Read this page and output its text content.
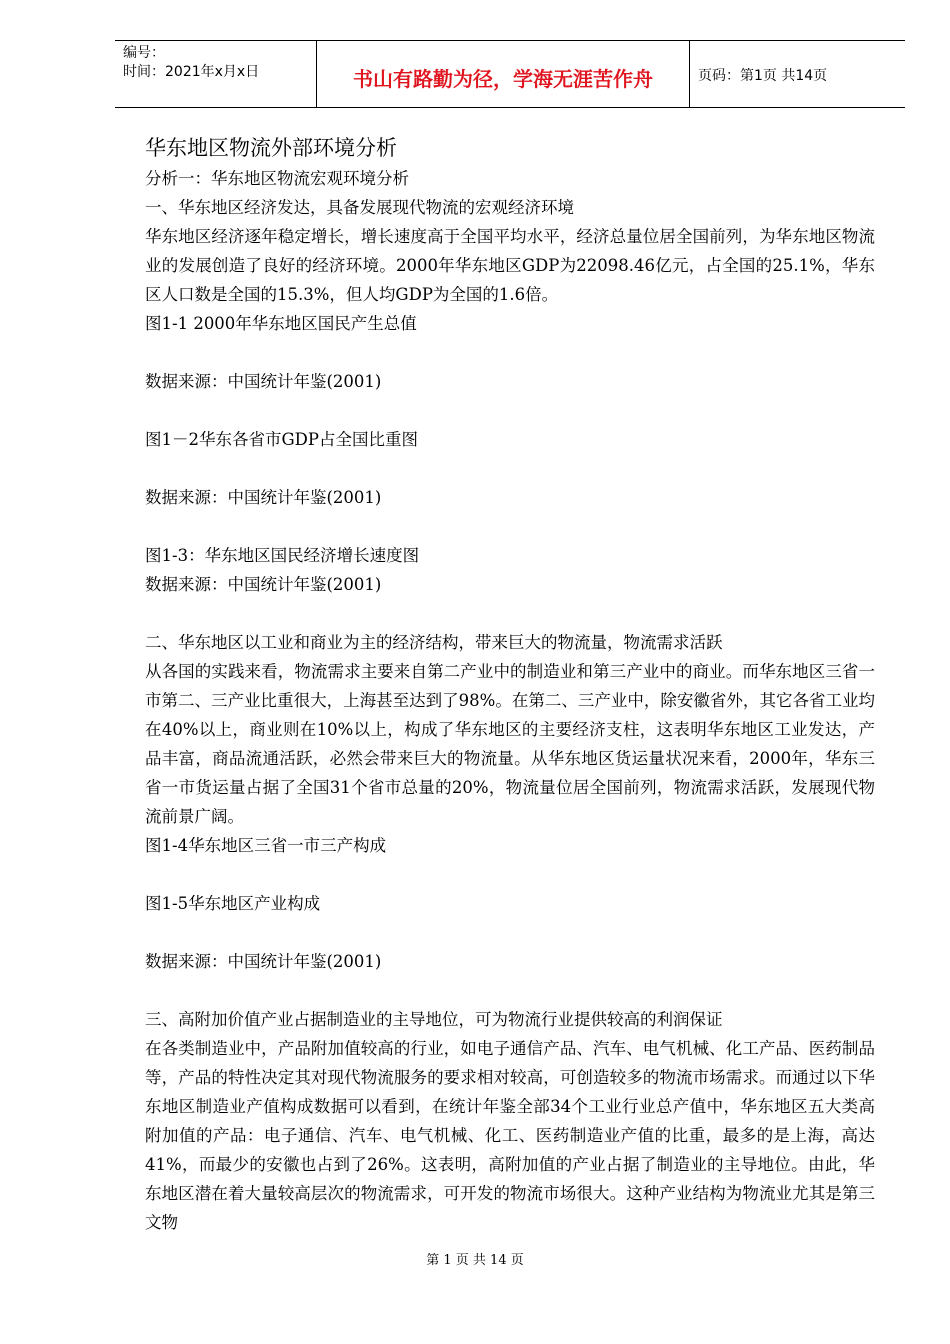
编号：
时间：2021年x月x日	书山有路勤为径，学海无涯苦作舟	页码：第1页 共14页

华东地区物流外部环境分析

分析一：华东地区物流宏观环境分析

一、华东地区经济发达，具备发展现代物流的宏观经济环境

华东地区经济逐年稳定增长，增长速度高于全国平均水平，经济总量位居全国前列，为华东地区物流业的发展创造了良好的经济环境。2000年华东地区GDP为22098.46亿元，占全国的25.1%，华东区人口数是全国的15.3%，但人均GDP为全国的1.6倍。

图1-1 2000年华东地区国民产生总值

数据来源：中国统计年鉴(2001)

图1－2华东各省市GDP占全国比重图

数据来源：中国统计年鉴(2001)

图1-3：华东地区国民经济增长速度图

数据来源：中国统计年鉴(2001)

二、华东地区以工业和商业为主的经济结构，带来巨大的物流量，物流需求活跃

从各国的实践来看，物流需求主要来自第二产业中的制造业和第三产业中的商业。而华东地区三省一市第二、三产业比重很大，上海甚至达到了98%。在第二、三产业中，除安徽省外，其它各省工业均在40%以上，商业则在10%以上，构成了华东地区的主要经济支柱，这表明华东地区工业发达，产品丰富，商品流通活跃，必然会带来巨大的物流量。从华东地区货运量状况来看，2000年，华东三省一市货运量占据了全国31个省市总量的20%，物流量位居全国前列，物流需求活跃，发展现代物流前景广阔。

图1-4华东地区三省一市三产构成

图1-5华东地区产业构成

数据来源：中国统计年鉴(2001)

三、高附加价值产业占据制造业的主导地位，可为物流行业提供较高的利润保证

在各类制造业中，产品附加值较高的行业，如电子通信产品、汽车、电气机械、化工产品、医药制品等，产品的特性决定其对现代物流服务的要求相对较高，可创造较多的物流市场需求。而通过以下华东地区制造业产值构成数据可以看到，在统计年鉴全部34个工业行业总产值中，华东地区五大类高附加值的产品：电子通信、汽车、电气机械、化工、医药制造业产值的比重，最多的是上海，高达41%，而最少的安徽也占到了26%。这表明，高附加值的产业占据了制造业的主导地位。由此，华东地区潜在着大量较高层次的物流需求，可开发的物流市场很大。这种产业结构为物流业尤其是第三文物

第 1 页 共 14 页
